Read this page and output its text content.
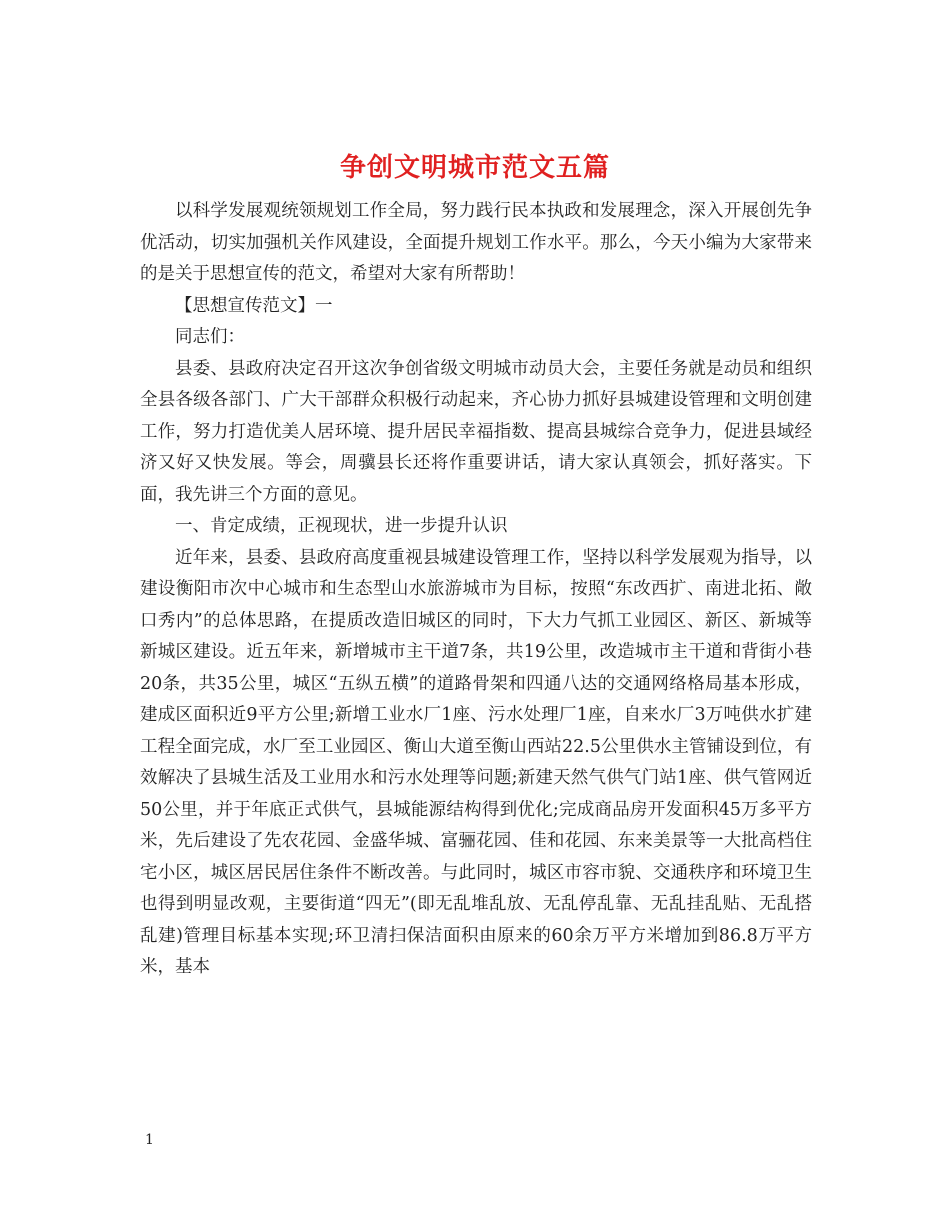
争创文明城市范文五篇

以科学发展观统领规划工作全局，努力践行民本执政和发展理念，深入开展创先争优活动，切实加强机关作风建设，全面提升规划工作水平。那么，今天小编为大家带来的是关于思想宣传的范文，希望对大家有所帮助！

【思想宣传范文】一

同志们：

县委、县政府决定召开这次争创省级文明城市动员大会，主要任务就是动员和组织全县各级各部门、广大干部群众积极行动起来，齐心协力抓好县城建设管理和文明创建工作，努力打造优美人居环境、提升居民幸福指数、提高县城综合竞争力，促进县域经济又好又快发展。等会，周骥县长还将作重要讲话，请大家认真领会，抓好落实。下面，我先讲三个方面的意见。

一、肯定成绩，正视现状，进一步提升认识

近年来，县委、县政府高度重视县城建设管理工作，坚持以科学发展观为指导，以建设衡阳市次中心城市和生态型山水旅游城市为目标，按照“东改西扩、南进北拓、敞口秀内”的总体思路，在提质改造旧城区的同时，下大力气抓工业园区、新区、新城等新城区建设。近五年来，新增城市主干道7条，共19公里，改造城市主干道和背街小巷20条，共35公里，城区“五纵五横”的道路骨架和四通八达的交通网络格局基本形成，建成区面积近9平方公里;新增工业水厂1座、污水处理厂1座，自来水厂3万吨供水扩建工程全面完成，水厂至工业园区、衡山大道至衡山西站22.5公里供水主管铺设到位，有效解决了县城生活及工业用水和污水处理等问题;新建天然气供气门站1座、供气管网近50公里，并于年底正式供气，县城能源结构得到优化;完成商品房开发面积45万多平方米，先后建设了先农花园、金盛华城、富骊花园、佳和花园、东来美景等一大批高档住宅小区，城区居民居住条件不断改善。与此同时，城区市容市貌、交通秩序和环境卫生也得到明显改观，主要街道“四无”(即无乱堆乱放、无乱停乱靠、无乱挂乱贴、无乱搭乱建)管理目标基本实现;环卫清扫保洁面积由原来的60余万平方米增加到86.8万平方米，基本

1
